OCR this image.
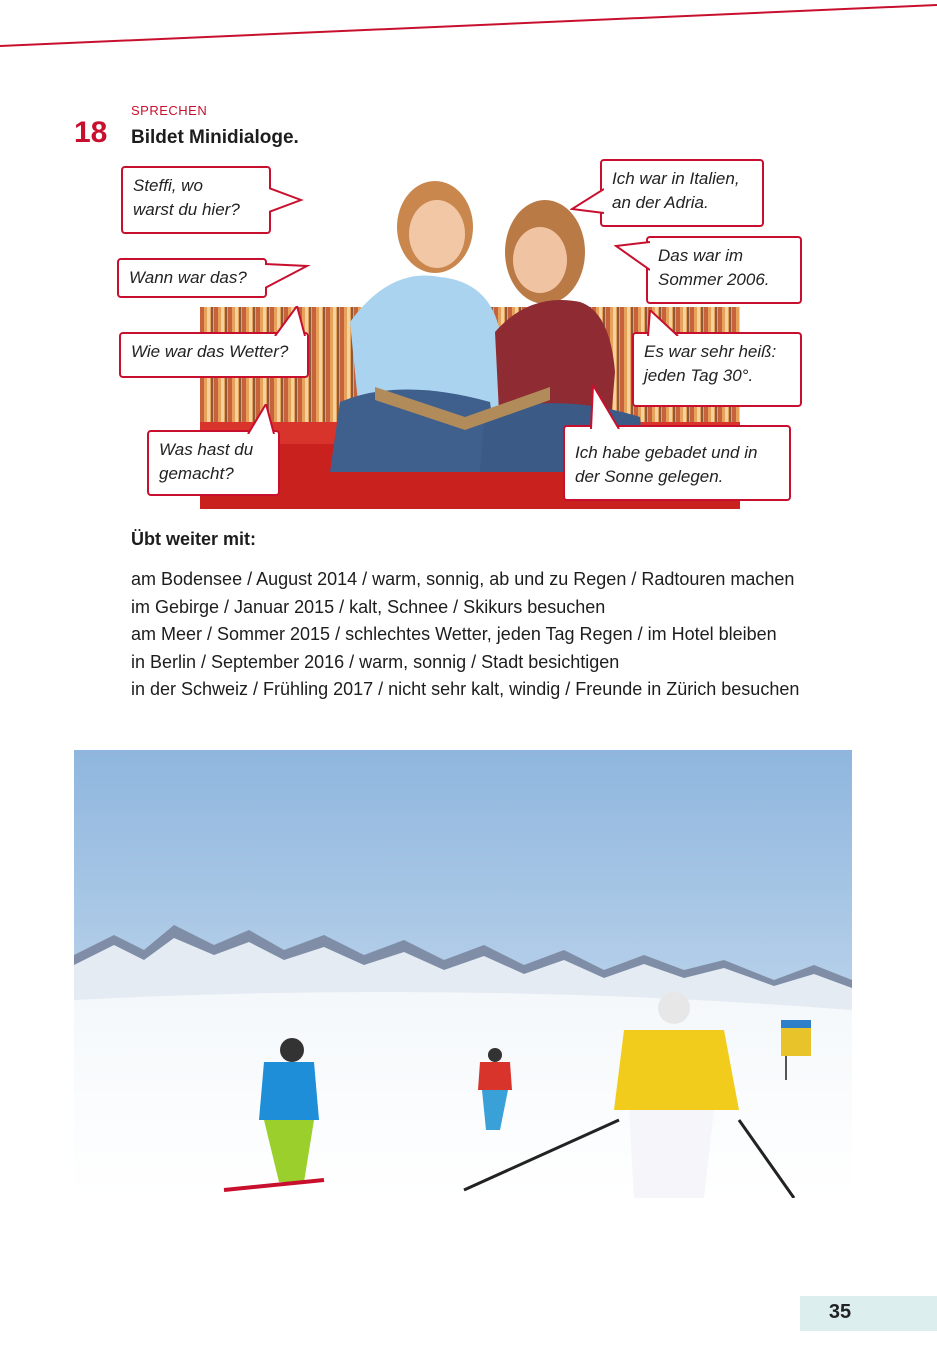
18
SPRECHEN
Bildet Minidialoge.
Steffi, wo
warst du hier?
Wann war das?
Wie war das Wetter?
Was hast du
gemacht?
Ich war in Italien,
an der Adria.
Das war im
Sommer 2006.
Es war sehr heiß:
jeden Tag 30°.
Ich habe gebadet und in
der Sonne gelegen.
Übt weiter mit:
am Bodensee / August 2014 / warm, sonnig, ab und zu Regen / Radtouren machen
im Gebirge / Januar 2015 / kalt, Schnee / Skikurs besuchen
am Meer / Sommer 2015 / schlechtes Wetter, jeden Tag Regen / im Hotel bleiben
in Berlin / September 2016 / warm, sonnig / Stadt besichtigen
in der Schweiz / Frühling 2017 / nicht sehr kalt, windig / Freunde in Zürich besuchen
35
